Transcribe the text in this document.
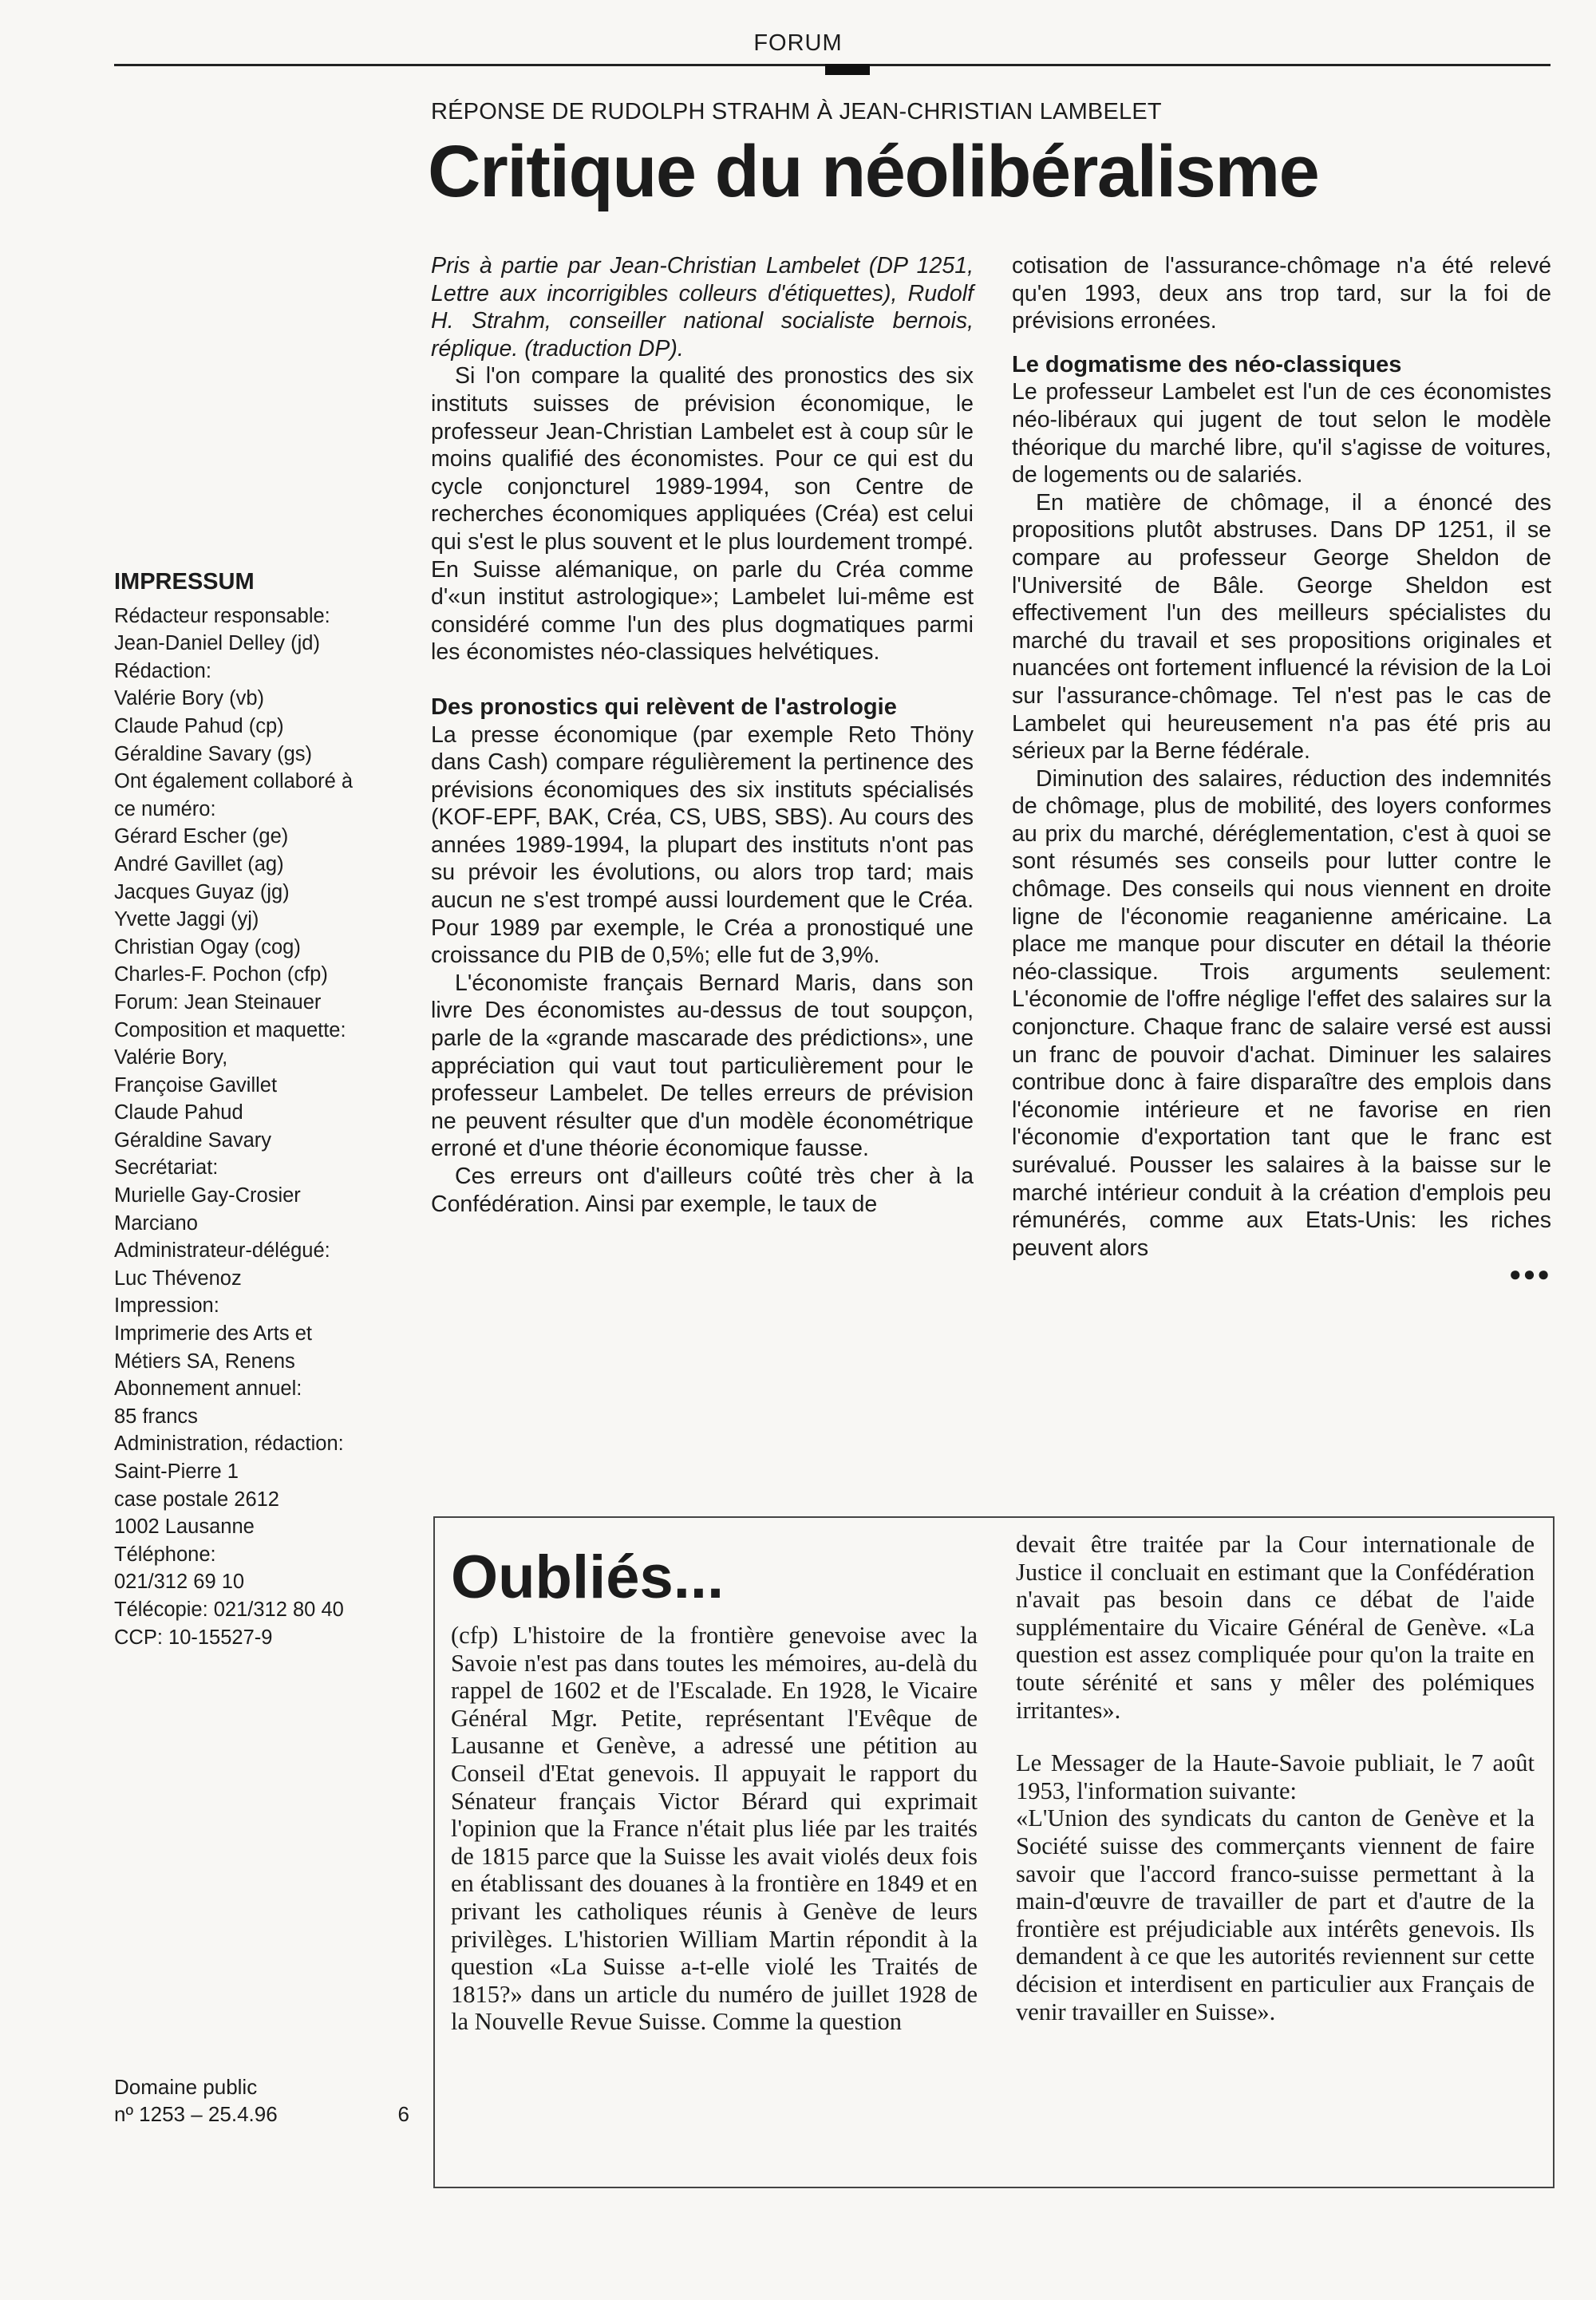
FORUM
RÉPONSE DE RUDOLPH STRAHM À JEAN-CHRISTIAN LAMBELET
Critique du néolibéralisme

Pris à partie par Jean-Christian Lambelet (DP 1251, Lettre aux incorrigibles colleurs d'étiquettes), Rudolf H. Strahm, conseiller national socialiste bernois, réplique. (traduction DP).

Si l'on compare la qualité des pronostics des six instituts suisses de prévision économique, le professeur Jean-Christian Lambelet est à coup sûr le moins qualifié des économistes. Pour ce qui est du cycle conjoncturel 1989-1994, son Centre de recherches économiques appliquées (Créa) est celui qui s'est le plus souvent et le plus lourdement trompé. En Suisse alémanique, on parle du Créa comme d'«un institut astrologique»; Lambelet lui-même est considéré comme l'un des plus dogmatiques parmi les économistes néo-classiques helvétiques.

Des pronostics qui relèvent de l'astrologie

La presse économique (par exemple Reto Thöny dans Cash) compare régulièrement la pertinence des prévisions économiques des six instituts spécialisés (KOF-EPF, BAK, Créa, CS, UBS, SBS). Au cours des années 1989-1994, la plupart des instituts n'ont pas su prévoir les évolutions, ou alors trop tard; mais aucun ne s'est trompé aussi lourdement que le Créa. Pour 1989 par exemple, le Créa a pronostiqué une croissance du PIB de 0,5%; elle fut de 3,9%.

L'économiste français Bernard Maris, dans son livre Des économistes au-dessus de tout soupçon, parle de la «grande mascarade des prédictions», une appréciation qui vaut tout particulièrement pour le professeur Lambelet. De telles erreurs de prévision ne peuvent résulter que d'un modèle économétrique erroné et d'une théorie économique fausse.

Ces erreurs ont d'ailleurs coûté très cher à la Confédération. Ainsi par exemple, le taux de

cotisation de l'assurance-chômage n'a été relevé qu'en 1993, deux ans trop tard, sur la foi de prévisions erronées.

Le dogmatisme des néo-classiques

Le professeur Lambelet est l'un de ces économistes néo-libéraux qui jugent de tout selon le modèle théorique du marché libre, qu'il s'agisse de voitures, de logements ou de salariés.

En matière de chômage, il a énoncé des propositions plutôt abstruses. Dans DP 1251, il se compare au professeur George Sheldon de l'Université de Bâle. George Sheldon est effectivement l'un des meilleurs spécialistes du marché du travail et ses propositions originales et nuancées ont fortement influencé la révision de la Loi sur l'assurance-chômage. Tel n'est pas le cas de Lambelet qui heureusement n'a pas été pris au sérieux par la Berne fédérale.

Diminution des salaires, réduction des indemnités de chômage, plus de mobilité, des loyers conformes au prix du marché, déréglementation, c'est à quoi se sont résumés ses conseils pour lutter contre le chômage. Des conseils qui nous viennent en droite ligne de l'économie reaganienne américaine. La place me manque pour discuter en détail la théorie néo-classique. Trois arguments seulement: L'économie de l'offre néglige l'effet des salaires sur la conjoncture. Chaque franc de salaire versé est aussi un franc de pouvoir d'achat. Diminuer les salaires contribue donc à faire disparaître des emplois dans l'économie intérieure et ne favorise en rien l'économie d'exportation tant que le franc est surévalué. Pousser les salaires à la baisse sur le marché intérieur conduit à la création d'emplois peu rémunérés, comme aux Etats-Unis: les riches peuvent alors

●●●
IMPRESSUM
Rédacteur responsable:
Jean-Daniel Delley (jd)
Rédaction:
Valérie Bory (vb)
Claude Pahud (cp)
Géraldine Savary (gs)
Ont également collaboré à
ce numéro:
Gérard Escher (ge)
André Gavillet (ag)
Jacques Guyaz (jg)
Yvette Jaggi (yj)
Christian Ogay (cog)
Charles-F. Pochon (cfp)
Forum: Jean Steinauer
Composition et maquette:
Valérie Bory,
Françoise Gavillet
Claude Pahud
Géraldine Savary
Secrétariat:
Murielle Gay-Crosier
Marciano
Administrateur-délégué:
Luc Thévenoz
Impression:
Imprimerie des Arts et
Métiers SA, Renens
Abonnement annuel:
85 francs
Administration, rédaction:
Saint-Pierre 1
case postale 2612
1002 Lausanne
Téléphone:
021/312 69 10
Télécopie: 021/312 80 40
CCP: 10-15527-9
Domaine public
nº 1253 – 25.4.96	6
Oubliés...

(cfp) L'histoire de la frontière genevoise avec la Savoie n'est pas dans toutes les mémoires, au-delà du rappel de 1602 et de l'Escalade. En 1928, le Vicaire Général Mgr. Petite, représentant l'Evêque de Lausanne et Genève, a adressé une pétition au Conseil d'Etat genevois. Il appuyait le rapport du Sénateur français Victor Bérard qui exprimait l'opinion que la France n'était plus liée par les traités de 1815 parce que la Suisse les avait violés deux fois en établissant des douanes à la frontière en 1849 et en privant les catholiques réunis à Genève de leurs privilèges. L'historien William Martin répondit à la question «La Suisse a-t-elle violé les Traités de 1815?» dans un article du numéro de juillet 1928 de la Nouvelle Revue Suisse. Comme la question

devait être traitée par la Cour internationale de Justice il concluait en estimant que la Confédération n'avait pas besoin dans ce débat de l'aide supplémentaire du Vicaire Général de Genève. «La question est assez compliquée pour qu'on la traite en toute sérénité et sans y mêler des polémiques irritantes».

Le Messager de la Haute-Savoie publiait, le 7 août 1953, l'information suivante:

«L'Union des syndicats du canton de Genève et la Société suisse des commerçants viennent de faire savoir que l'accord franco-suisse permettant à la main-d'œuvre de travailler de part et d'autre de la frontière est préjudiciable aux intérêts genevois. Ils demandent à ce que les autorités reviennent sur cette décision et interdisent en particulier aux Français de venir travailler en Suisse».
